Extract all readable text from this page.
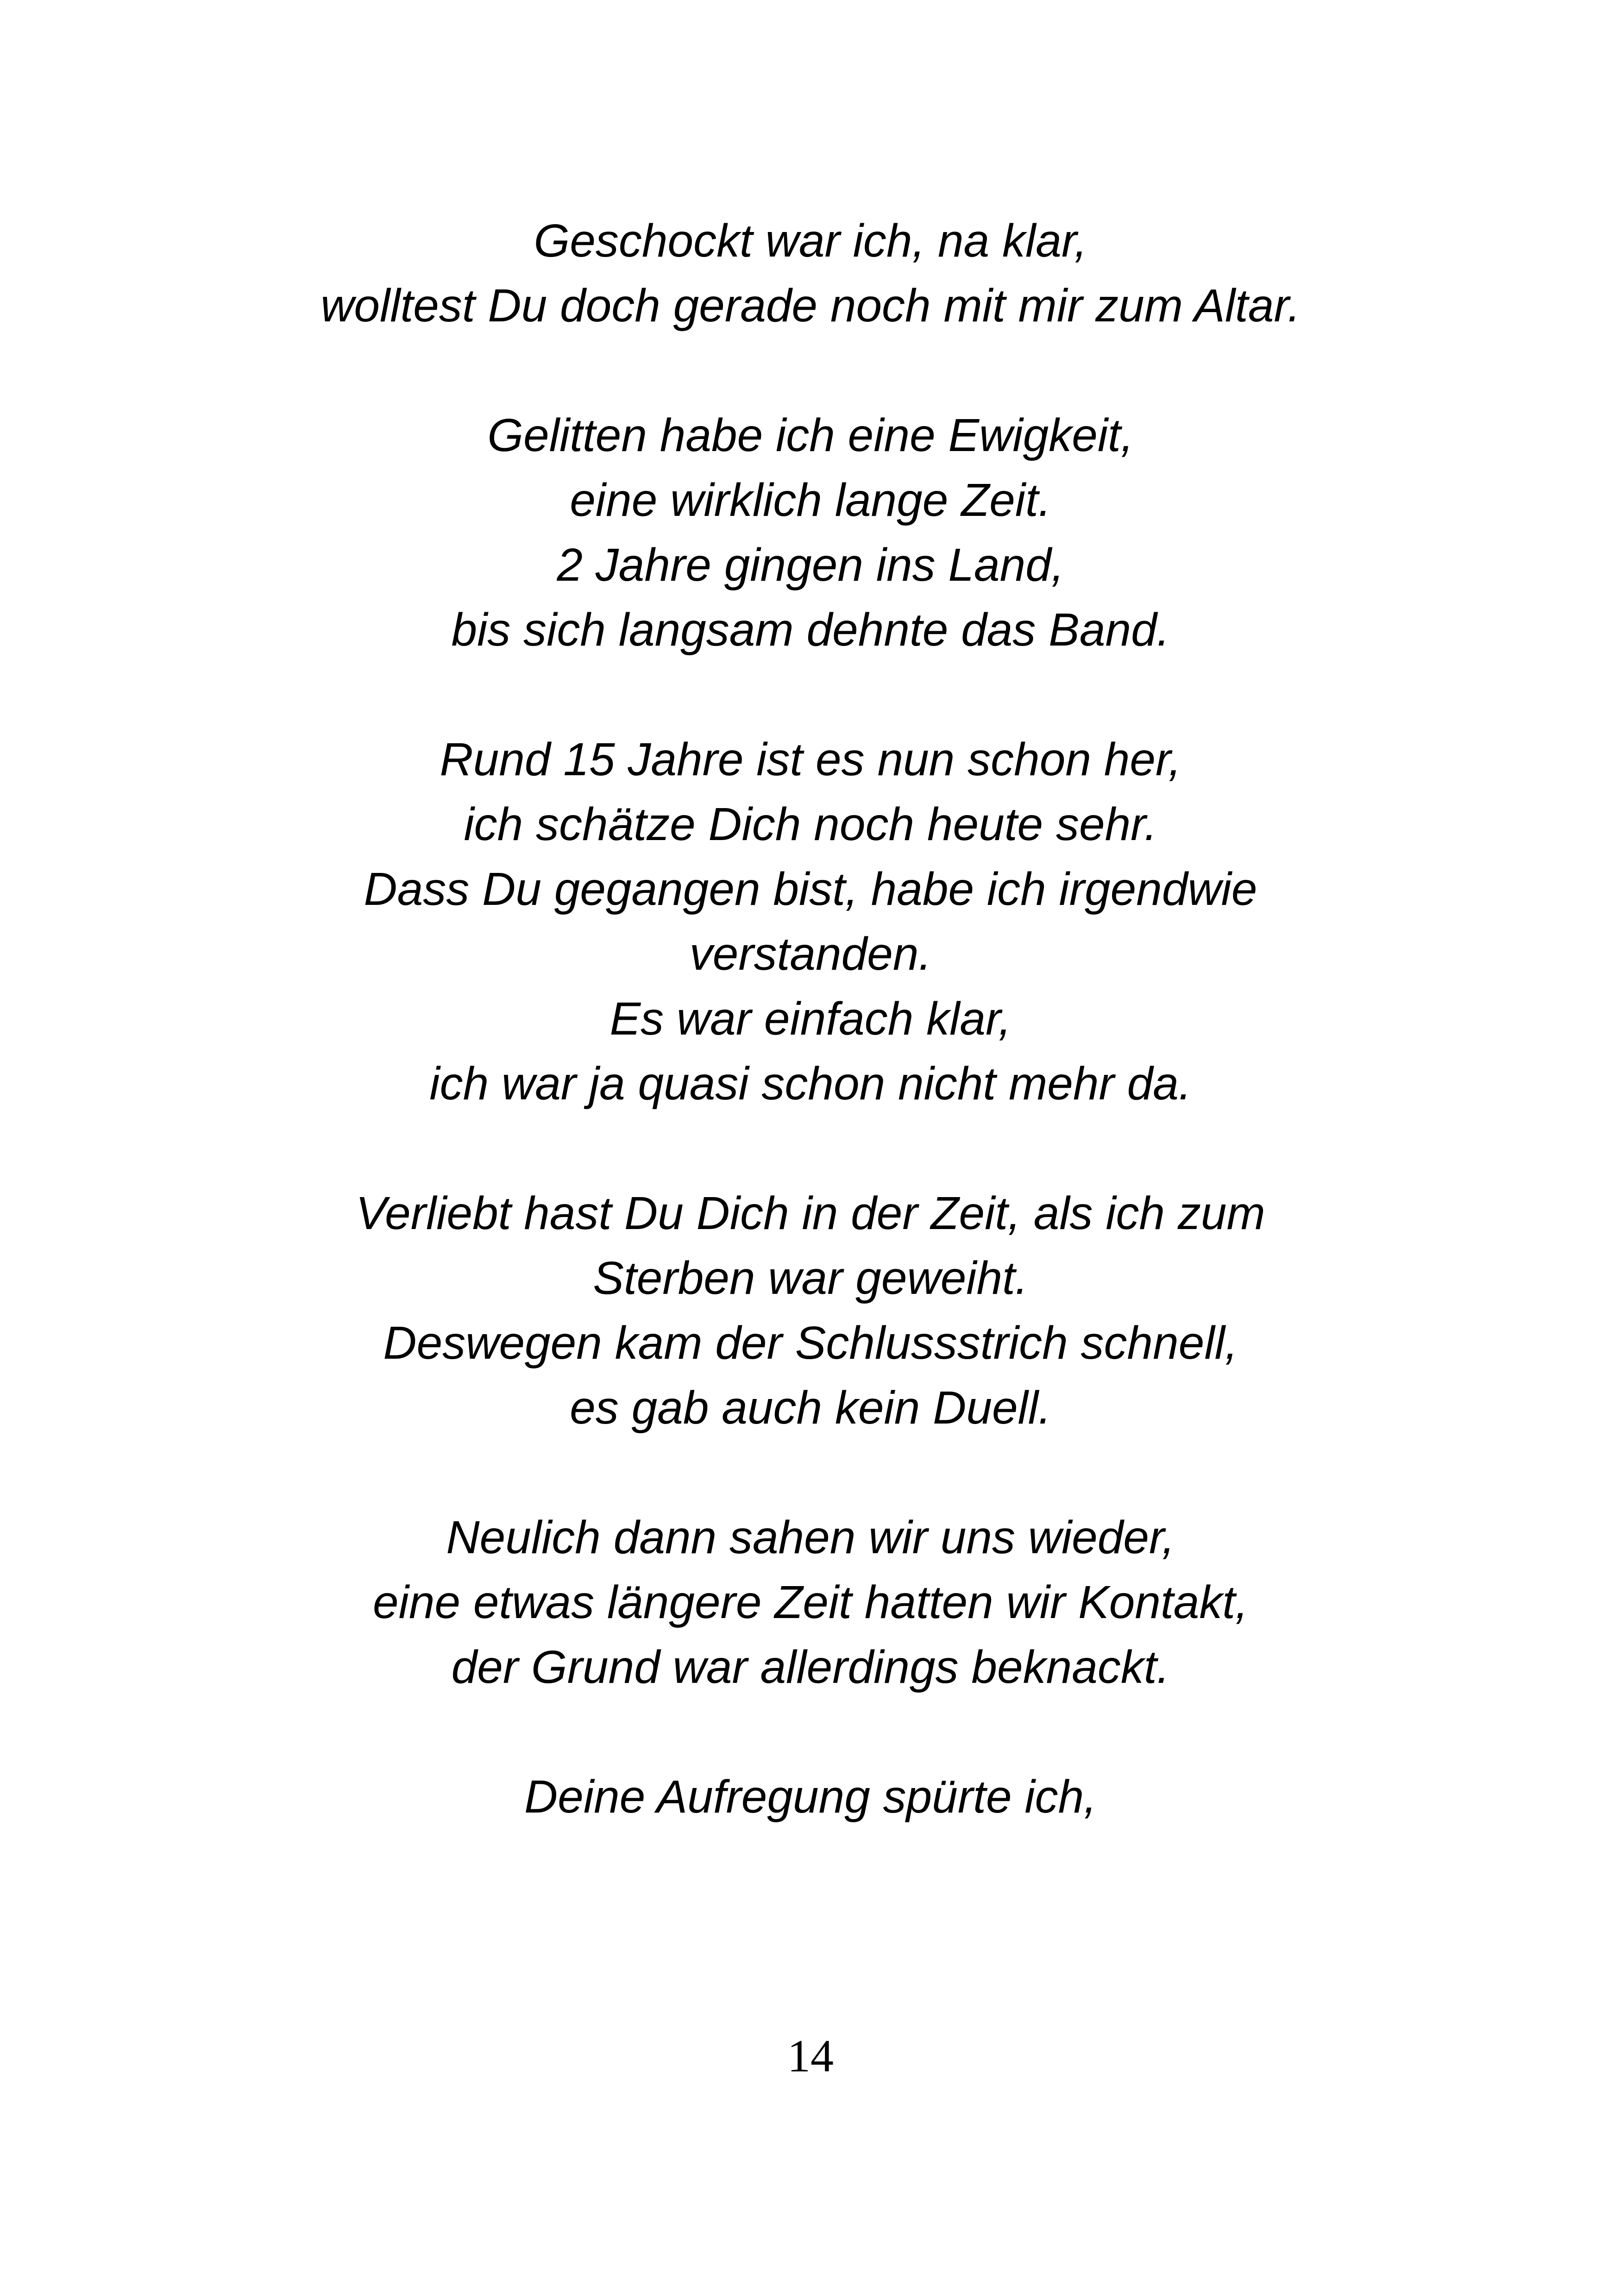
Geschockt war ich, na klar,
wolltest Du doch gerade noch mit mir zum Altar.
Gelitten habe ich eine Ewigkeit,
eine wirklich lange Zeit.
2 Jahre gingen ins Land,
bis sich langsam dehnte das Band.
Rund 15 Jahre ist es nun schon her,
ich schätze Dich noch heute sehr.
Dass Du gegangen bist, habe ich irgendwie
verstanden.
Es war einfach klar,
ich war ja quasi schon nicht mehr da.
Verliebt hast Du Dich in der Zeit, als ich zum
Sterben war geweiht.
Deswegen kam der Schlussstrich schnell,
es gab auch kein Duell.
Neulich dann sahen wir uns wieder,
eine etwas längere Zeit hatten wir Kontakt,
der Grund war allerdings beknackt.
Deine Aufregung spürte ich,
14
